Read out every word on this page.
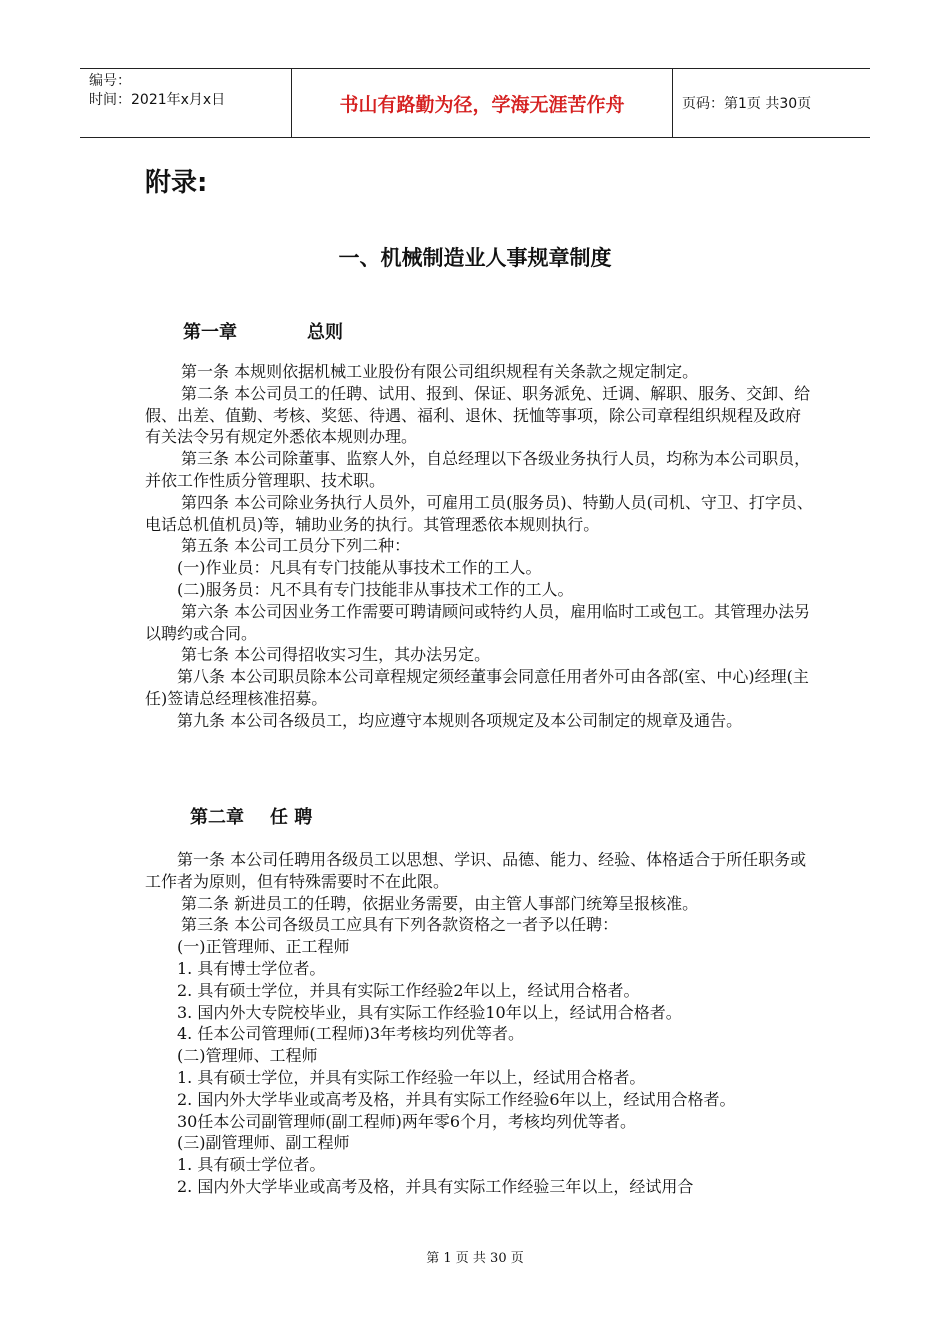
编号：
时间：2021年x月x日	书山有路勤为径，学海无涯苦作舟	页码：第1页 共30页
附录:
一、机械制造业人事规章制度
第一章	总则

第一条 本规则依据机械工业股份有限公司组织规程有关条款之规定制定。

第二条 本公司员工的任聘、试用、报到、保证、职务派免、迁调、解职、服务、交卸、给假、出差、值勤、考核、奖惩、待遇、福利、退休、抚恤等事项，除公司章程组织规程及政府有关法令另有规定外悉依本规则办理。

第三条 本公司除董事、监察人外，自总经理以下各级业务执行人员，均称为本公司职员，并依工作性质分管理职、技术职。

第四条 本公司除业务执行人员外，可雇用工员(服务员)、特勤人员(司机、守卫、打字员、电话总机值机员)等，辅助业务的执行。其管理悉依本规则执行。

第五条 本公司工员分下列二种：

(一)作业员：凡具有专门技能从事技术工作的工人。

(二)服务员：凡不具有专门技能非从事技术工作的工人。

第六条 本公司因业务工作需要可聘请顾问或特约人员，雇用临时工或包工。其管理办法另以聘约或合同。

第七条 本公司得招收实习生，其办法另定。

第八条 本公司职员除本公司章程规定须经董事会同意任用者外可由各部(室、中心)经理(主任)签请总经理核准招募。

第九条 本公司各级员工，均应遵守本规则各项规定及本公司制定的规章及通告。

第二章 任 聘

第一条 本公司任聘用各级员工以思想、学识、品德、能力、经验、体格适合于所任职务或工作者为原则，但有特殊需要时不在此限。

第二条 新进员工的任聘，依据业务需要，由主管人事部门统筹呈报核准。

第三条 本公司各级员工应具有下列各款资格之一者予以任聘：

(一)正管理师、正工程师

1. 具有博士学位者。

2. 具有硕士学位，并具有实际工作经验2年以上，经试用合格者。

3. 国内外大专院校毕业，具有实际工作经验10年以上，经试用合格者。

4. 任本公司管理师(工程师)3年考核均列优等者。

(二)管理师、工程师

1. 具有硕士学位，并具有实际工作经验一年以上，经试用合格者。

2. 国内外大学毕业或高考及格，并具有实际工作经验6年以上，经试用合格者。

30任本公司副管理师(副工程师)两年零6个月，考核均列优等者。

(三)副管理师、副工程师

1. 具有硕士学位者。

2. 国内外大学毕业或高考及格，并具有实际工作经验三年以上，经试用合

第 1 页 共 30 页
